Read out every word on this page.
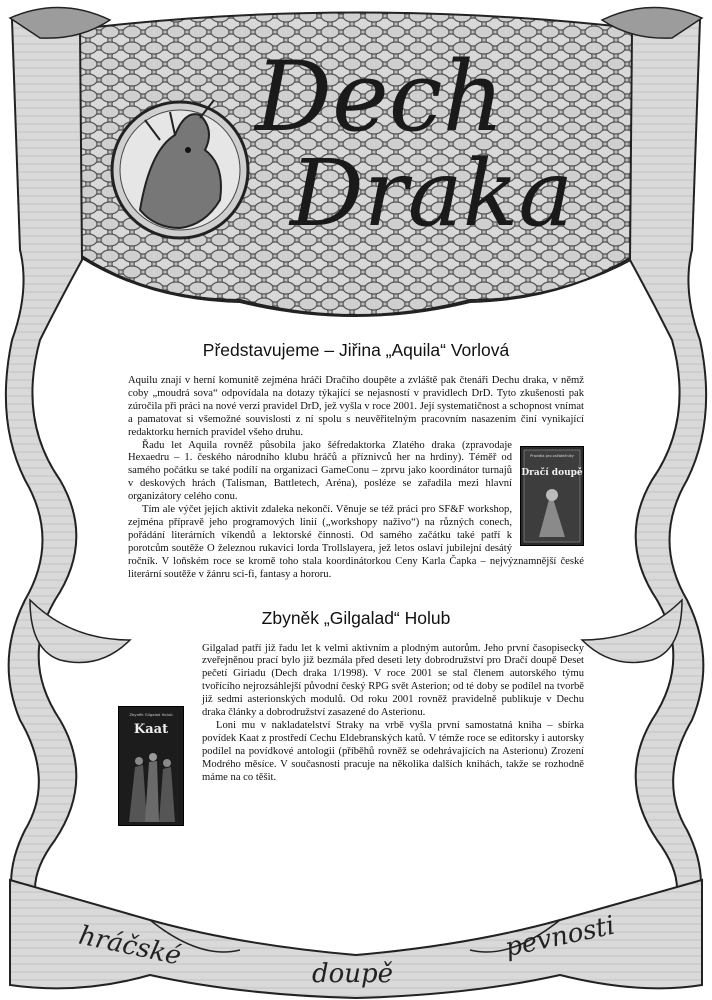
Dech
Draka
hráčské
doupě
pevnosti
Představujeme – Jiřina „Aquila“ Vorlová

Aquilu znají v herní komunitě zejména hráči Dračího doupěte a zvláště pak čtenáři Dechu draka, v němž coby „moudrá sova“ odpovídala na dotazy týkající se nejasností v pravidlech DrD. Tyto zkušenosti pak zúročila při práci na nové verzi pravidel DrD, jež vyšla v roce 2001. Její systematičnost a schopnost vnímat a pamatovat si všemožné souvislosti z ní spolu s neuvěřitelným pracovním nasazením činí vynikající redaktorku herních pravidel všeho druhu.

Pravidla pro začátečníky
Dračí doupě

Řadu let Aquila rovněž působila jako šéfredaktorka Zlatého draka (zpravodaje Hexaedru – 1. českého národního klubu hráčů a příznivců her na hrdiny). Téměř od samého počátku se také podílí na organizaci GameConu – zprvu jako koordinátor turnajů v deskových hrách (Talisman, Battletech, Aréna), posléze se zařadila mezi hlavní organizátory celého conu.

Tím ale výčet jejích aktivit zdaleka nekončí. Věnuje se též práci pro SF&F workshop, zejména přípravě jeho programových linií („workshopy naživo“) na různých conech, pořádání literárních víkendů a lektorské činnosti. Od samého začátku také patří k porotcům soutěže O železnou rukavici lorda Trollslayera, jež letos oslaví jubilejní desátý ročník. V loňském roce se kromě toho stala koordinátorkou Ceny Karla Čapka – nejvýznamnější české literární soutěže v žánru sci-fi, fantasy a hororu.

Zbyněk „Gilgalad“ Holub

Gilgalad patří již řadu let k velmi aktivním a plodným autorům. Jeho první časopisecky zveřejněnou prací bylo již bezmála před deseti lety dobrodružství pro Dračí doupě Deset pečetí Giriadu (Dech draka 1/1998). V roce 2001 se stal členem autorského týmu tvořícího nejrozsáhlejší původní český RPG svět Asterion; od té doby se podílel na tvorbě již sedmi asterionských modulů. Od roku 2001 rovněž pravidelně publikuje v Dechu draka články a dobrodružství zasazené do Asterionu.

Loni mu v nakladatelství Straky na vrbě vyšla první samostatná kniha – sbírka povídek Kaat z prostředí Cechu Eldebranských katů. V témže roce se editorsky i autorsky podílel na povídkové antologii (příběhů rovněž se odehrávajících na Asterionu) Zrození Modrého měsíce. V současnosti pracuje na několika dalších knihách, takže se rozhodně máme na co těšit.

Zbyněk Gilgalad Holub
Kaat
